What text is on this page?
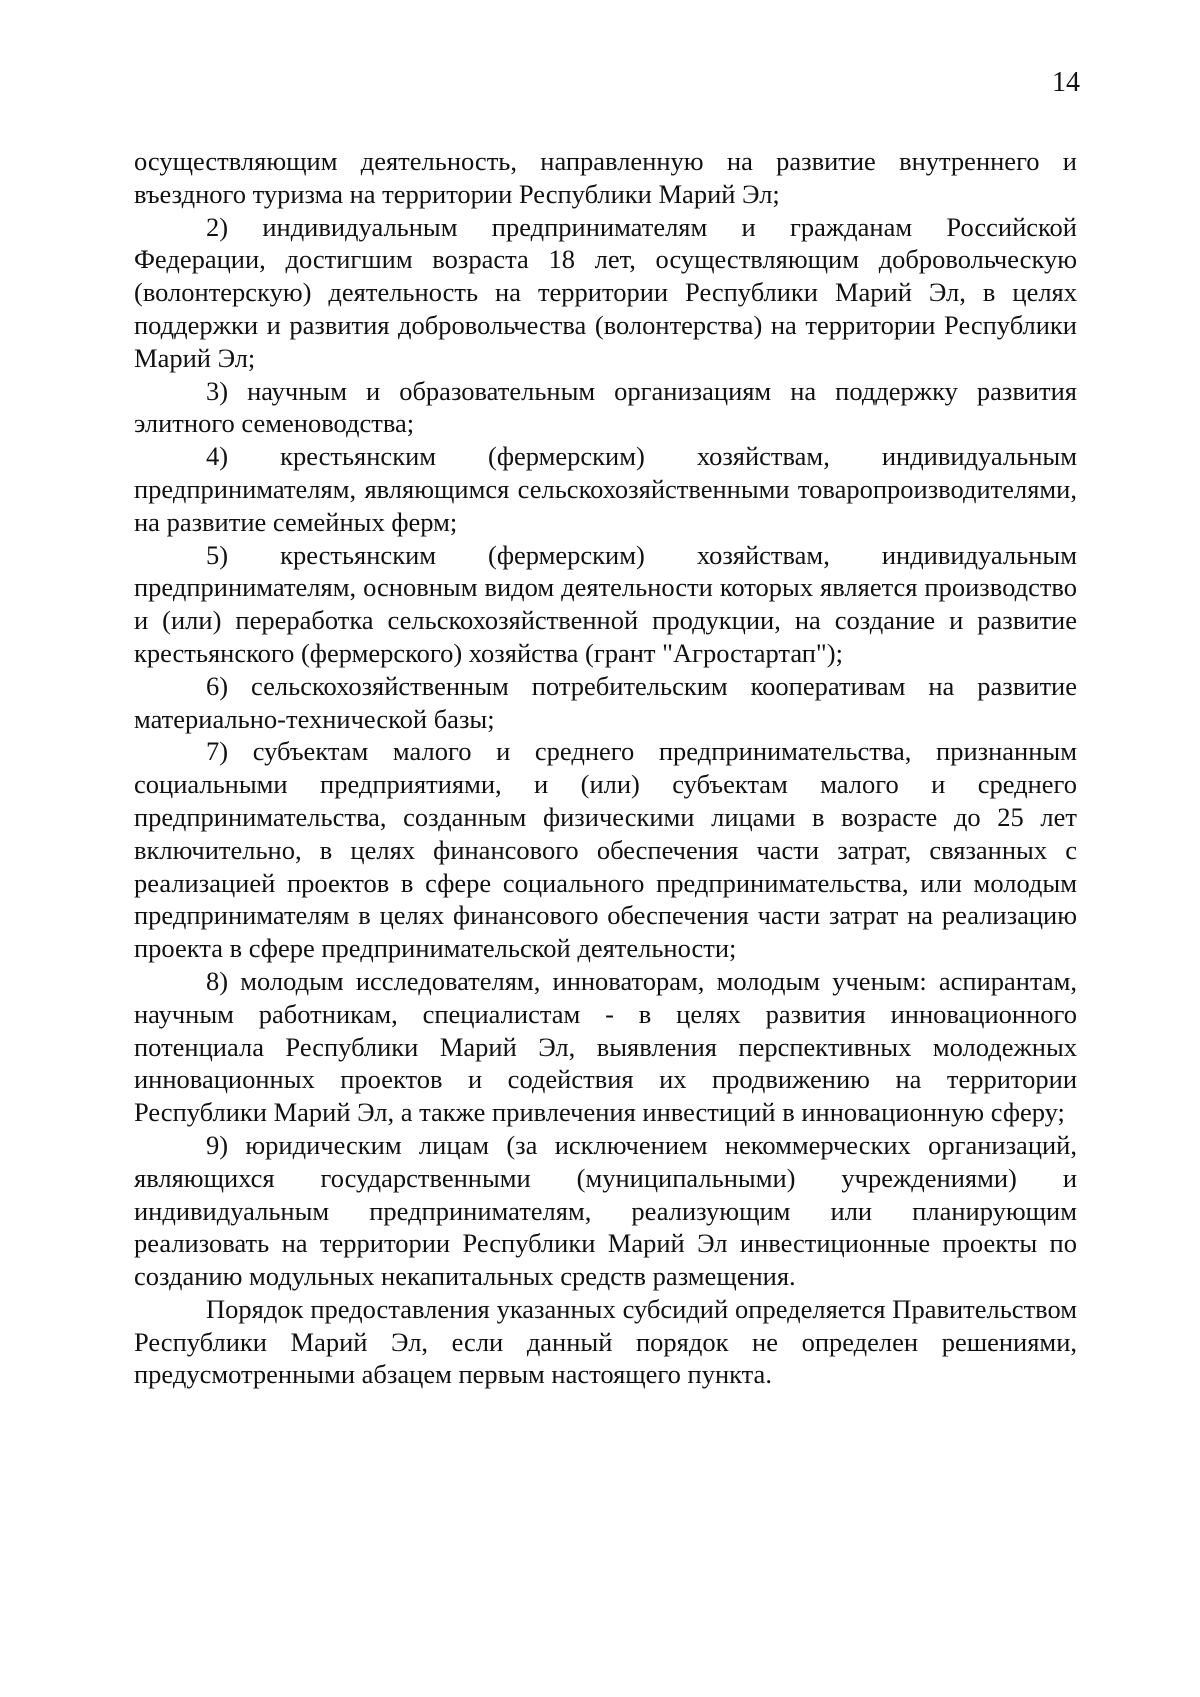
14

осуществляющим деятельность, направленную на развитие внутреннего и въездного туризма на территории Республики Марий Эл;

2) индивидуальным предпринимателям и гражданам Российской Федерации, достигшим возраста 18 лет, осуществляющим добровольческую (волонтерскую) деятельность на территории Республики Марий Эл, в целях поддержки и развития добровольчества (волонтерства) на территории Республики Марий Эл;

3) научным и образовательным организациям на поддержку развития элитного семеноводства;

4) крестьянским (фермерским) хозяйствам, индивидуальным предпринимателям, являющимся сельскохозяйственными товаропроизводителями, на развитие семейных ферм;

5) крестьянским (фермерским) хозяйствам, индивидуальным предпринимателям, основным видом деятельности которых является производство и (или) переработка сельскохозяйственной продукции, на создание и развитие крестьянского (фермерского) хозяйства (грант "Агростартап");

6) сельскохозяйственным потребительским кооперативам на развитие материально-технической базы;

7) субъектам малого и среднего предпринимательства, признанным социальными предприятиями, и (или) субъектам малого и среднего предпринимательства, созданным физическими лицами в возрасте до 25 лет включительно, в целях финансового обеспечения части затрат, связанных с реализацией проектов в сфере социального предпринимательства, или молодым предпринимателям в целях финансового обеспечения части затрат на реализацию проекта в сфере предпринимательской деятельности;

8) молодым исследователям, инноваторам, молодым ученым: аспирантам, научным работникам, специалистам - в целях развития инновационного потенциала Республики Марий Эл, выявления перспективных молодежных инновационных проектов и содействия их продвижению на территории Республики Марий Эл, а также привлечения инвестиций в инновационную сферу;

9) юридическим лицам (за исключением некоммерческих организаций, являющихся государственными (муниципальными) учреждениями) и индивидуальным предпринимателям, реализующим или планирующим реализовать на территории Республики Марий Эл инвестиционные проекты по созданию модульных некапитальных средств размещения.

Порядок предоставления указанных субсидий определяется Правительством Республики Марий Эл, если данный порядок не определен решениями, предусмотренными абзацем первым настоящего пункта.
